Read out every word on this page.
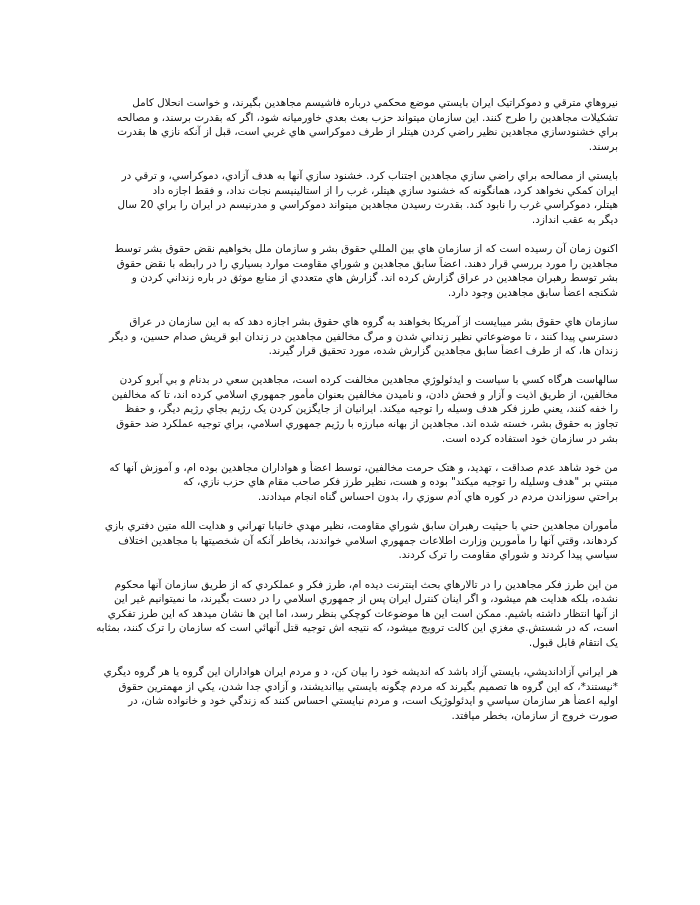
نيروهاي مترقي و دموكراتيک ايران بايستي موضع محكمي درباره فاشيسم مجاهدين بگيرند، و خواست انحلال كامل
تشكيلات مجاهدين را طرح كنند. اين سازمان ميتواند حزب بعث بعدي خاورميانه شود، اگر كه بقدرت برسند، و مصالحه
براي خشنودسازي مجاهدين نظير راضي كردن هيتلر از طرف دموكراسي هاي غربي است، قبل از آنكه نازي ها بقدرت
برسند.
بايستي از مصالحه براي راضي سازي مجاهدين اجتناب كرد. خشنود سازي آنها به هدف آزادي، دموكراسي، و ترقي در
ايران كمكي نخواهد كرد، همانگونه كه خشنود سازي هيتلر، غرب را از استالينيسم نجات نداد، و فقط اجازه داد
هيتلر، دموكراسي غرب را نابود كند. بقدرت رسيدن مجاهدين ميتواند دموكراسي و مدرنيسم در ايران را براي 20 سال
ديگر به عقب اندازد.
اكنون زمان آن رسيده است كه از سازمان هاي بين المللي حقوق بشر و سازمان ملل بخواهيم نقض حقوق بشر توسط
مجاهدين را مورد بررسي قرار دهند. اعضاً سابق مجاهدين و شوراي مقاومت موارد بسياري را در رابطه با نقض حقوق
بشر توسط رهبران مجاهدين در عراق گزارش كرده اند. گزارش هاي متعددي از منابع موثق در باره زنداني كردن و
شكنجه اعضأ سابق مجاهدين وجود دارد.
سازمان هاي حقوق بشر ميبايست از آمريكا بخواهند به گروه هاي حقوق بشر اجازه دهد كه به اين سازمان در عراق
دسترسي پيدا كنند ، تا موضوعاتي نظير زنداني شدن و مرگ مخالفين مجاهدين در زندان ابو قريش صدام حسين، و ديگر
زندان ها، كه از طرف اعضأ سابق مجاهدين گزارش شده، مورد تحقيق قرار گيرند.
سالهاست هرگاه كسي با سياست و ايدئولوژي مجاهدين مخالفت كرده است، مجاهدين سعي در بدنام و بي آبرو كردن
مخالفين، از طريق اذيت و آزار و فحش دادن، و ناميدن مخالفين بعنوان مأمور جمهوري اسلامي كرده اند، تا كه مخالفين
را خفه كنند، يعني طرز فكر هدف وسيله را توجيه ميكند. ايرانيان از جايگزين كردن يک رژيم بجاي رژيم ديگر، و حفظ
تجاوز به حقوق بشر، خسته شده اند. مجاهدين از بهانه مبارزه با رژيم جمهوري اسلامي، براي توجيه عملكرد ضد حقوق
بشر در سازمان خود استفاده كرده است.
من خود شاهد عدم صداقت ، تهديد، و هتک حرمت مخالفين، توسط اعضأ و هواداران مجاهدين بوده ام، و آموزش آنها كه
مبتني بر "هدف وسليله را توجيه ميكند" بوده و هست، نظير طرز فكر صاحب مقام هاي حزب نازي، كه
براحتي سوزاندن مردم در كوره هاي آدم سوزي را، بدون احساس گناه انجام ميدادند.
مأموران مجاهدين حتي با حيثيت رهبران سابق شوراي مقاومت، نظير مهدي خانبابا تهراني و هدايت الله متين دفتري بازي
كردهاند، وقتي آنها را مأمورين وزارت اطلاعات جمهوري اسلامي خواندند، بخاطر آنكه آن شخصيتها با مجاهدين اختلاف
سياسي پيدا كردند و شوراي مقاومت را ترک كردند.
من اين طرز فكر مجاهدين را در تالارهاي بحث اينترنت ديده ام، طرز فكر و عملكردي كه از طريق سازمان آنها محكوم
نشده، بلكه هدايت هم ميشود، و اگر اينان كنترل ايران پس از جمهوري اسلامي را در دست بگيرند، ما نميتوانيم غير اين
از آنها انتظار داشته باشيم. ممكن است اين ها موضوعات كوچكي بنظر رسد، اما اين ها نشان ميدهد كه اين طرز تفكري
است، كه در شستش.ي مغزي اين كالت ترويج ميشود، كه نتيجه اش توجيه قتل آنهائي است كه سازمان را ترک كنند، بمثابه
يک انتقام قابل قبول.
هر ايراني آزادانديشي، بايستي آزاد باشد كه انديشه خود را بيان كن، د و مردم ايران هواداران اين گروه يا هر گروه ديگري
*نيستند*، كه اين گروه ها تصميم بگيرند كه مردم چگونه بايستي بياانديشند، و آزادي جدا شدن، يكي از مهمترين حقوق
اوليه اعضأ هر سازمان سياسي و ايدئولوژيک است، و مردم نبايستي احساس كنند كه زندگي خود و خانواده شان، در
صورت خروج از سازمان، بخطر ميافتد.
